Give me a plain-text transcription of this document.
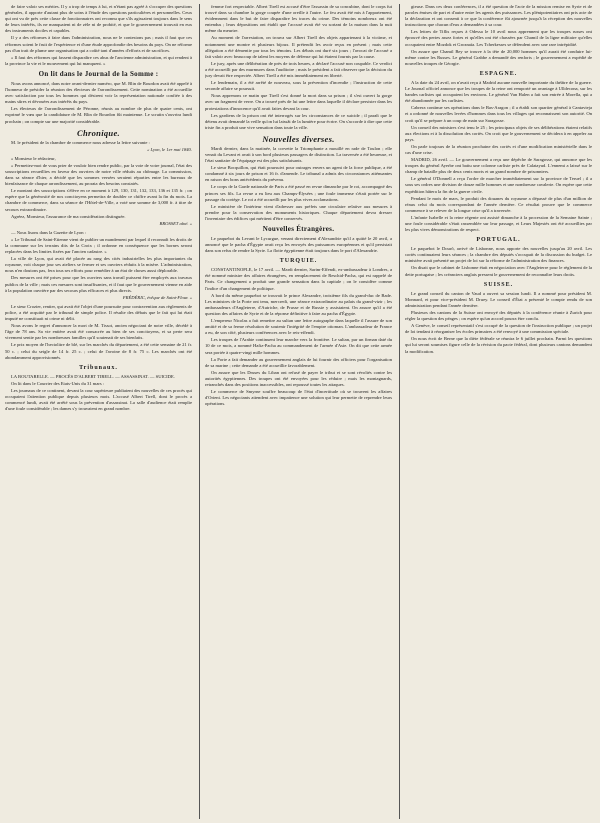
de faire valoir ses mérites. Il y a trop de temps à lui, et n'étant pas agréé à s'occuper des questions générales, il apporte d'autant plus de soins à l'étude des questions particulières et personnelles. Ceux qui ont vu de près cette classe de fonctionnaires ont reconnu que s'ils agissaient toujours dans le sens de leurs intérêts, ils ne manquaient ni de zèle ni de probité, et que le gouvernement trouvait en eux des instruments dociles et capables.

Il y a des réformes à faire dans l'administration, nous ne le contestons pas ; mais il faut que ces réformes soient le fruit de l'expérience et d'une étude approfondie des besoins du pays. On ne réforme pas d'un trait de plume une organisation qui a coûté tant d'années d'efforts et de sacrifices.

« Il faut des réformes qui fassent disparaître ces abus de l'ancienne administration, et qui rendent à la province la vie et le mouvement qui lui manquent. »

On lit dans le Journal de la Somme :

Nous avons annoncé, dans notre avant-dernier numéro, que M. Blin de Bourdon avait été appelé à l'honneur de présider la réunion des électeurs de l'arrondissement. Cette nomination a été accueillie avec satisfaction par tous les hommes qui désirent voir la représentation nationale confiée à des mains sûres et dévouées aux intérêts du pays.

Les électeurs de l'arrondissement de Péronne, réunis au nombre de plus de quatre cents, ont exprimé le vœu que la candidature de M. Blin de Bourdon fût maintenue. Le scrutin s'ouvrira lundi prochain ; on compte sur une majorité considérable.

Chronique.

M. le président de la chambre de commerce nous adresse la lettre suivante :

« Lyon, le 1er mai 1840.

« Monsieur le rédacteur,

« Permettez-moi de vous prier de vouloir bien rendre public, par la voie de votre journal, l'état des souscriptions recueillies en faveur des ouvriers de notre ville réduits au chômage. La commission, dans sa séance d'hier, a décidé que les sommes versées seraient réparties entre les bureaux de bienfaisance de chaque arrondissement, au prorata des besoins constatés.

Le montant des souscriptions s'élève en ce moment à 129, 130, 131, 132, 133, 136 et 135 fr. ; on espère que la générosité de nos concitoyens permettra de doubler ce chiffre avant la fin du mois. La chambre de commerce, dans sa séance de l'Hôtel-de-Ville, a voté une somme de 3,000 fr. à titre de secours extraordinaire.

Agréez, Monsieur, l'assurance de ma considération distinguée.

BROSSET aîné. »

— Nous lisons dans la Gazette de Lyon :

« Le Tribunal de Saint-Etienne vient de publier un mandement par lequel il reconnaît les droits de la commune sur les terrains dits de la Croix ; il ordonne en conséquence que les bornes seront replacées dans les limites fixées par l'ancien cadastre. »

La ville de Lyon, qui avait été placée au rang des cités industrielles les plus importantes du royaume, voit chaque jour ses ateliers se fermer et ses ouvriers réduits à la misère. L'administration, nous n'en doutons pas, fera tous ses efforts pour remédier à un état de choses aussi déplorable.

Des mesures ont été prises pour que les ouvriers sans travail puissent être employés aux travaux publics de la ville ; mais ces mesures sont insuffisantes, et il faut que le gouvernement vienne en aide à la population ouvrière par des secours plus efficaces et plus directs.

FRÉDÉRIC, évêque de Saint-Flour. »

Le sieur Crozier, rentier, qui avait été l'objet d'une poursuite pour contravention aux règlements de police, a été acquitté par le tribunal de simple police. Il résulte des débats que le fait qui lui était imputé ne constituait ni crime ni délit.

Nous avons le regret d'annoncer la mort de M. Tissot, ancien négociant de notre ville, décédé à l'âge de 78 ans. Sa vie entière avait été consacrée au bien de ses concitoyens, et sa perte sera vivement sentie par les nombreuses familles qu'il soutenait de ses bienfaits.

Le prix moyen de l'hectolitre de blé, sur les marchés du département, a été cette semaine de 21 fr. 50 c. ; celui du seigle de 14 fr. 25 c. ; celui de l'avoine de 8 fr. 75 c. Les marchés ont été abondamment approvisionnés.

Tribunaux.

LA BOUTARELLE. — PROCÈS D'ALBERT TIRELL. — ASSASSINAT. — SUICIDE.

On lit dans le Courrier des Etats-Unis du 31 mars :

Les journaux de ce continent, devant la cour supérieure publiaient des nouvelles de ces procès qui occupaient l'attention publique depuis plusieurs mois. L'accusé Albert Tirell, dont le procès a commencé lundi, avait été arrêté sous la prévention d'assassinat. La salle d'audience était remplie d'une foule considérable ; les dames s'y trouvaient en grand nombre.

femme fort respectable. Albert Tirell est accusé d'être l'assassin de sa concubine, dont le corps fut trouvé dans sa chambre la gorge coupée d'une oreille à l'autre. Le feu avait été mis à l'appartement, évidemment dans le but de faire disparaître les traces du crime. Des témoins nombreux ont été entendus ; leurs dépositions ont établi que l'accusé avait été vu sortant de la maison dans la nuit même du meurtre.

Au moment de l'arrestation, on trouva sur Albert Tirell des objets appartenant à la victime, et notamment une montre et plusieurs bijoux. Il prétendit les avoir reçus en présent ; mais cette allégation a été démentie par tous les témoins. Les débats ont duré six jours ; l'avocat de l'accusé a fait valoir avec beaucoup de talent les moyens de défense qui lui étaient fournis par la cause.

Le jury, après une délibération de près de trois heures, a déclaré l'accusé non coupable. Ce verdict a été accueilli par des murmures dans l'auditoire ; mais le président a fait observer que la décision du jury devait être respectée. Albert Tirell a été mis immédiatement en liberté.

Le lendemain, il a été arrêté de nouveau, sous la prévention d'incendie ; l'instruction de cette seconde affaire se poursuit.

Nous apprenons ce matin que Tirell s'est donné la mort dans sa prison ; il s'est ouvert la gorge avec un fragment de verre. On a trouvé près de lui une lettre dans laquelle il déclare persister dans les protestations d'innocence qu'il avait faites devant la cour.

Les gardiens de la prison ont été interrogés sur les circonstances de ce suicide ; il paraît que le détenu avait demandé la veille qu'on lui laissât de la lumière pour écrire. On s'accorde à dire que cette triste fin a produit une vive sensation dans toute la ville.

Nouvelles diverses.

Mardi dernier, dans la matinée, la corvette la Triomphante a mouillé en rade de Toulon ; elle venait du Levant et avait à son bord plusieurs passagers de distinction. La traversée a été heureuse, et l'état sanitaire de l'équipage est des plus satisfaisants.

Le sieur Bocquillon, qui était poursuivi pour outrages envers un agent de la force publique, a été condamné à six jours de prison et 16 fr. d'amende. Le tribunal a admis des circonstances atténuantes en raison des bons antécédents du prévenu.

Le corps de la Garde nationale de Paris a été passé en revue dimanche par le roi, accompagné des princes ses fils. La revue a eu lieu aux Champs-Élysées ; une foule immense s'était portée sur le passage du cortège. Le roi a été accueilli par les plus vives acclamations.

Le ministère de l'intérieur vient d'adresser aux préfets une circulaire relative aux mesures à prendre pour la conservation des monuments historiques. Chaque département devra dresser l'inventaire des édifices qui méritent d'être conservés.

Nouvelles Étrangères.

Le paquebot du Levant le Lycurgue, venant directement d'Alexandrie qu'il a quitté le 20 avril, a annoncé que le pacha d'Égypte avait reçu les envoyés des puissances européennes et qu'il persistait dans son refus de rendre la Syrie. La flotte égyptienne était toujours dans le port d'Alexandrie.

TURQUIE.

CONSTANTINOPLE, le 17 avril. — Mardi dernier, Sarim-Effendi, ex-ambassadeur à Londres, a été nommé ministre des affaires étrangères, en remplacement de Reschid-Pacha, qui est rappelé de Paris. Ce changement a produit une grande sensation dans la capitale ; on le considère comme l'indice d'un changement de politique.

A bord du même paquebot se trouvait le prince Alexandre, troisième fils du grand-duc de Bade. Les ministres de la Porte ont tenu, mercredi, une séance extraordinaire au palais du grand-vizir ; les ambassadeurs d'Angleterre, d'Autriche, de Prusse et de Russie y assistaient. On assure qu'il a été question des affaires de Syrie et de la réponse définitive à faire au pacha d'Égypte.

L'empereur Nicolas a fait remettre au sultan une lettre autographe dans laquelle il l'assure de son amitié et de sa ferme résolution de soutenir l'intégrité de l'empire ottoman. L'ambassadeur de France a eu, de son côté, plusieurs conférences avec le reis-effendi.

Les troupes de l'Arabie continuent leur marche vers la frontière. Le sultan, par un firman daté du 10 de ce mois, a nommé Hafiz-Pacha au commandement de l'armée d'Asie. On dit que cette armée sera portée à quatre-vingt mille hommes.

La Porte a fait demander au gouvernement anglais de lui fournir des officiers pour l'organisation de sa marine ; cette demande a été accueillie favorablement.

On assure que les Druses du Liban ont refusé de payer le tribut et se sont révoltés contre les autorités égyptiennes. Des troupes ont été envoyées pour les réduire ; mais les montagnards, retranchés dans des positions inaccessibles, ont repoussé toutes les attaques.

Le commerce de Smyrne souffre beaucoup de l'état d'incertitude où se trouvent les affaires d'Orient. Les négociants attendent avec impatience une solution qui leur permette de reprendre leurs opérations.

gieuse. Dans ces deux conférences, il a été question de l'acte de la mission remise en Syrie et de paroles émises de part et d'autre entre les agents des puissances. Les plénipotentiaires ont pris acte de la déclaration et ont consenti à ce que la conférence fût ajournée jusqu'à la réception des nouvelles instructions que chacun d'eux a demandées à sa cour.

Les lettres de Tiflis reçues à Odessa le 10 avril nous apprennent que les troupes russes ont éprouvé des pertes assez fortes et qu'elles ont été chassées par Chamil de la ligne militaire qu'elles occupaient entre Mozdok et Groznaïa. Les Tcherkesses se défendent avec une rare intrépidité.

On assure que Chamil Bey se trouve à la tête de 20,000 hommes qu'il aurait été conduire lui-même contre les Russes. Le général Grabbe a demandé des renforts ; le gouvernement a expédié de nouvelles troupes de Géorgie.

ESPAGNE.

A la date du 24 avril, on n'avait reçu à Madrid aucune nouvelle importante du théâtre de la guerre. Le Journal officiel annonce que les troupes de la reine ont remporté un avantage à Ulldecona, sur les bandes carlistes qui occupaient les environs. Le général Van Halen a fait son entrée à Morella, qui a été abandonnée par les carlistes.

Cabrera continue ses opérations dans le Bas-Aragon ; il a établi son quartier général à Cantavieja et a ordonné de nouvelles levées d'hommes dans tous les villages qui reconnaissent son autorité. On croit qu'il se prépare à un coup de main sur Saragosse.

Un conseil des ministres s'est tenu le 25 ; les principaux objets de ses délibérations étaient relatifs aux élections et à la dissolution des cortès. On croit que le gouvernement se décidera à en appeler au pays.

On parle toujours de la réunion prochaine des cortès et d'une modification ministérielle dans le cas d'une crise.

MADRID, 26 avril. — Le gouvernement a reçu une dépêche de Saragosse, qui annonce que les troupes du général Ayerbe ont battu une colonne carliste près de Calatayud. L'ennemi a laissé sur le champ de bataille plus de deux cents morts et un grand nombre de prisonniers.

Le général O'Donnell a reçu l'ordre de marcher immédiatement sur la province de Teruel ; il a sous ses ordres une division de douze mille hommes et une nombreuse cavalerie. On espère que cette expédition hâtera la fin de la guerre civile.

Pendant le mois de mars, le produit des douanes du royaume a dépassé de plus d'un million de réaux celui du mois correspondant de l'année dernière. Ce résultat prouve que le commerce commence à se relever de la longue crise qu'il a traversée.

L'infante Isabelle et la reine régente ont assisté dimanche à la procession de la Semaine Sainte ; une foule considérable s'était rassemblée sur leur passage, et Leurs Majestés ont été accueillies par les plus vives démonstrations de respect.

PORTUGAL.

Le paquebot le Dourô, arrivé de Lisbonne, nous apporte des nouvelles jusqu'au 20 avril. Les cortès continuaient leurs séances ; la chambre des députés s'occupait de la discussion du budget. Le ministère avait présenté un projet de loi sur la réforme de l'administration des finances.

On disait que le cabinet de Lisbonne était en négociation avec l'Angleterre pour le règlement de la dette portugaise ; les créanciers anglais pressent le gouvernement de reconnaître leurs droits.

SUISSE.

Le grand conseil du canton de Vaud a ouvert sa session lundi. Il a nommé pour président M. Monnard, et pour vice-président M. Druey. Le conseil d'État a présenté le compte rendu de son administration pendant l'année dernière.

Plusieurs des cantons de la Suisse ont envoyé des députés à la conférence réunie à Zurich pour régler la question des péages ; on espère qu'un accord pourra être conclu.

A Genève, le conseil représentatif s'est occupé de la question de l'instruction publique ; un projet de loi tendant à réorganiser les écoles primaires a été renvoyé à une commission spéciale.

On nous écrit de Berne que la diète fédérale se réunira le 6 juillet prochain. Parmi les questions qui lui seront soumises figure celle de la révision du pacte fédéral, dont plusieurs cantons demandent la modification.
